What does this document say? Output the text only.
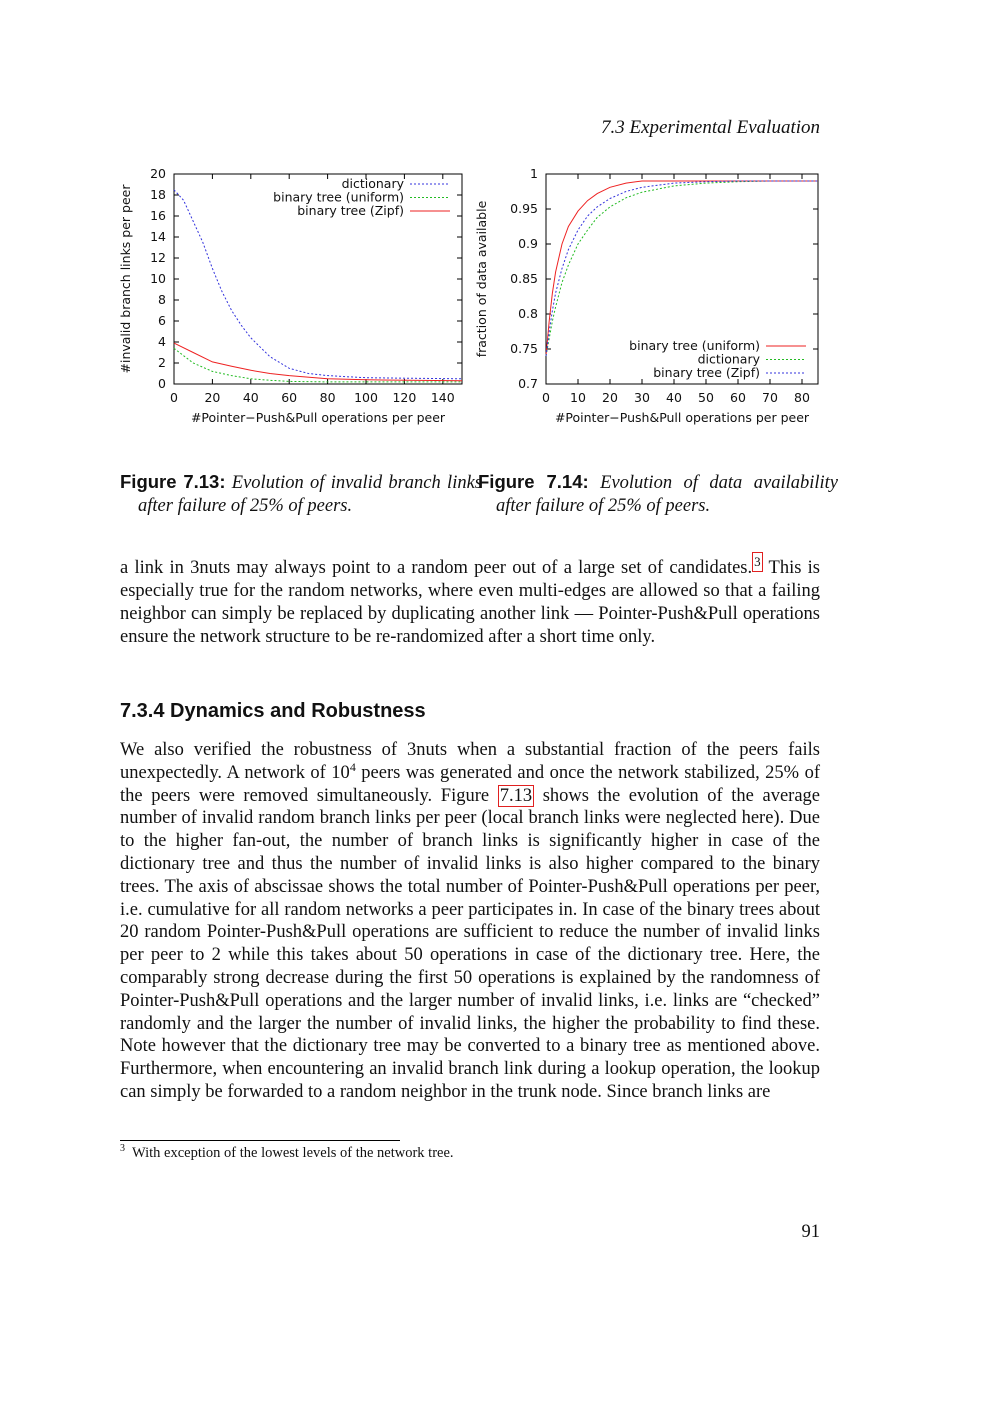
7.3 Experimental Evaluation
0 20 40 60 80 100 120 140
0
2
4
6
8
10
12
14
16
18
20
dictionary
binary tree (uniform)
binary tree (Zipf)
#Pointer−Push&Pull operations per peer
#invalid branch links per peer
0 10 20 30 40 50 60 70 80
0.7
0.75
0.8
0.85
0.9
0.95
1
binary tree (uniform)
dictionary
binary tree (Zipf)
#Pointer−Push&Pull operations per peer
fraction of data available
Figure 7.13: Evolution of invalid branch links after failure of 25% of peers.
Figure 7.14: Evolution of data availability after failure of 25% of peers.
a link in 3nuts may always point to a random peer out of a large set of candidates. 3 This is especially true for the random networks, where even multi-edges are allowed so that a failing neighbor can simply be replaced by duplicating another link — Pointer-Push&Pull operations ensure the network structure to be re-randomized after a short time only.
7.3.4 Dynamics and Robustness
We also verified the robustness of 3nuts when a substantial fraction of the peers fails unexpectedly. A network of $10^4$ peers was generated and once the network stabilized, 25% of the peers were removed simultaneously. Figure 7.13 shows the evolution of the average number of invalid random branch links per peer (local branch links were neglected here). Due to the higher fan-out, the number of branch links is significantly higher in case of the dictionary tree and thus the number of invalid links is also higher compared to the binary trees. The axis of abscissae shows the total number of Pointer-Push&Pull operations per peer, i.e. cumulative for all random networks a peer participates in. In case of the binary trees about 20 random Pointer-Push&Pull operations are sufficient to reduce the number of invalid links per peer to 2 while this takes about 50 operations in case of the dictionary tree. Here, the comparably strong decrease during the first 50 operations is explained by the randomness of Pointer-Push&Pull operations and the larger number of invalid links, i.e. links are “checked” randomly and the larger the number of invalid links, the higher the probability to find these. Note however that the dictionary tree may be converted to a binary tree as mentioned above. Furthermore, when encountering an invalid branch link during a lookup operation, the lookup can simply be forwarded to a random neighbor in the trunk node. Since branch links are
$^3$ With exception of the lowest levels of the network tree.
91
